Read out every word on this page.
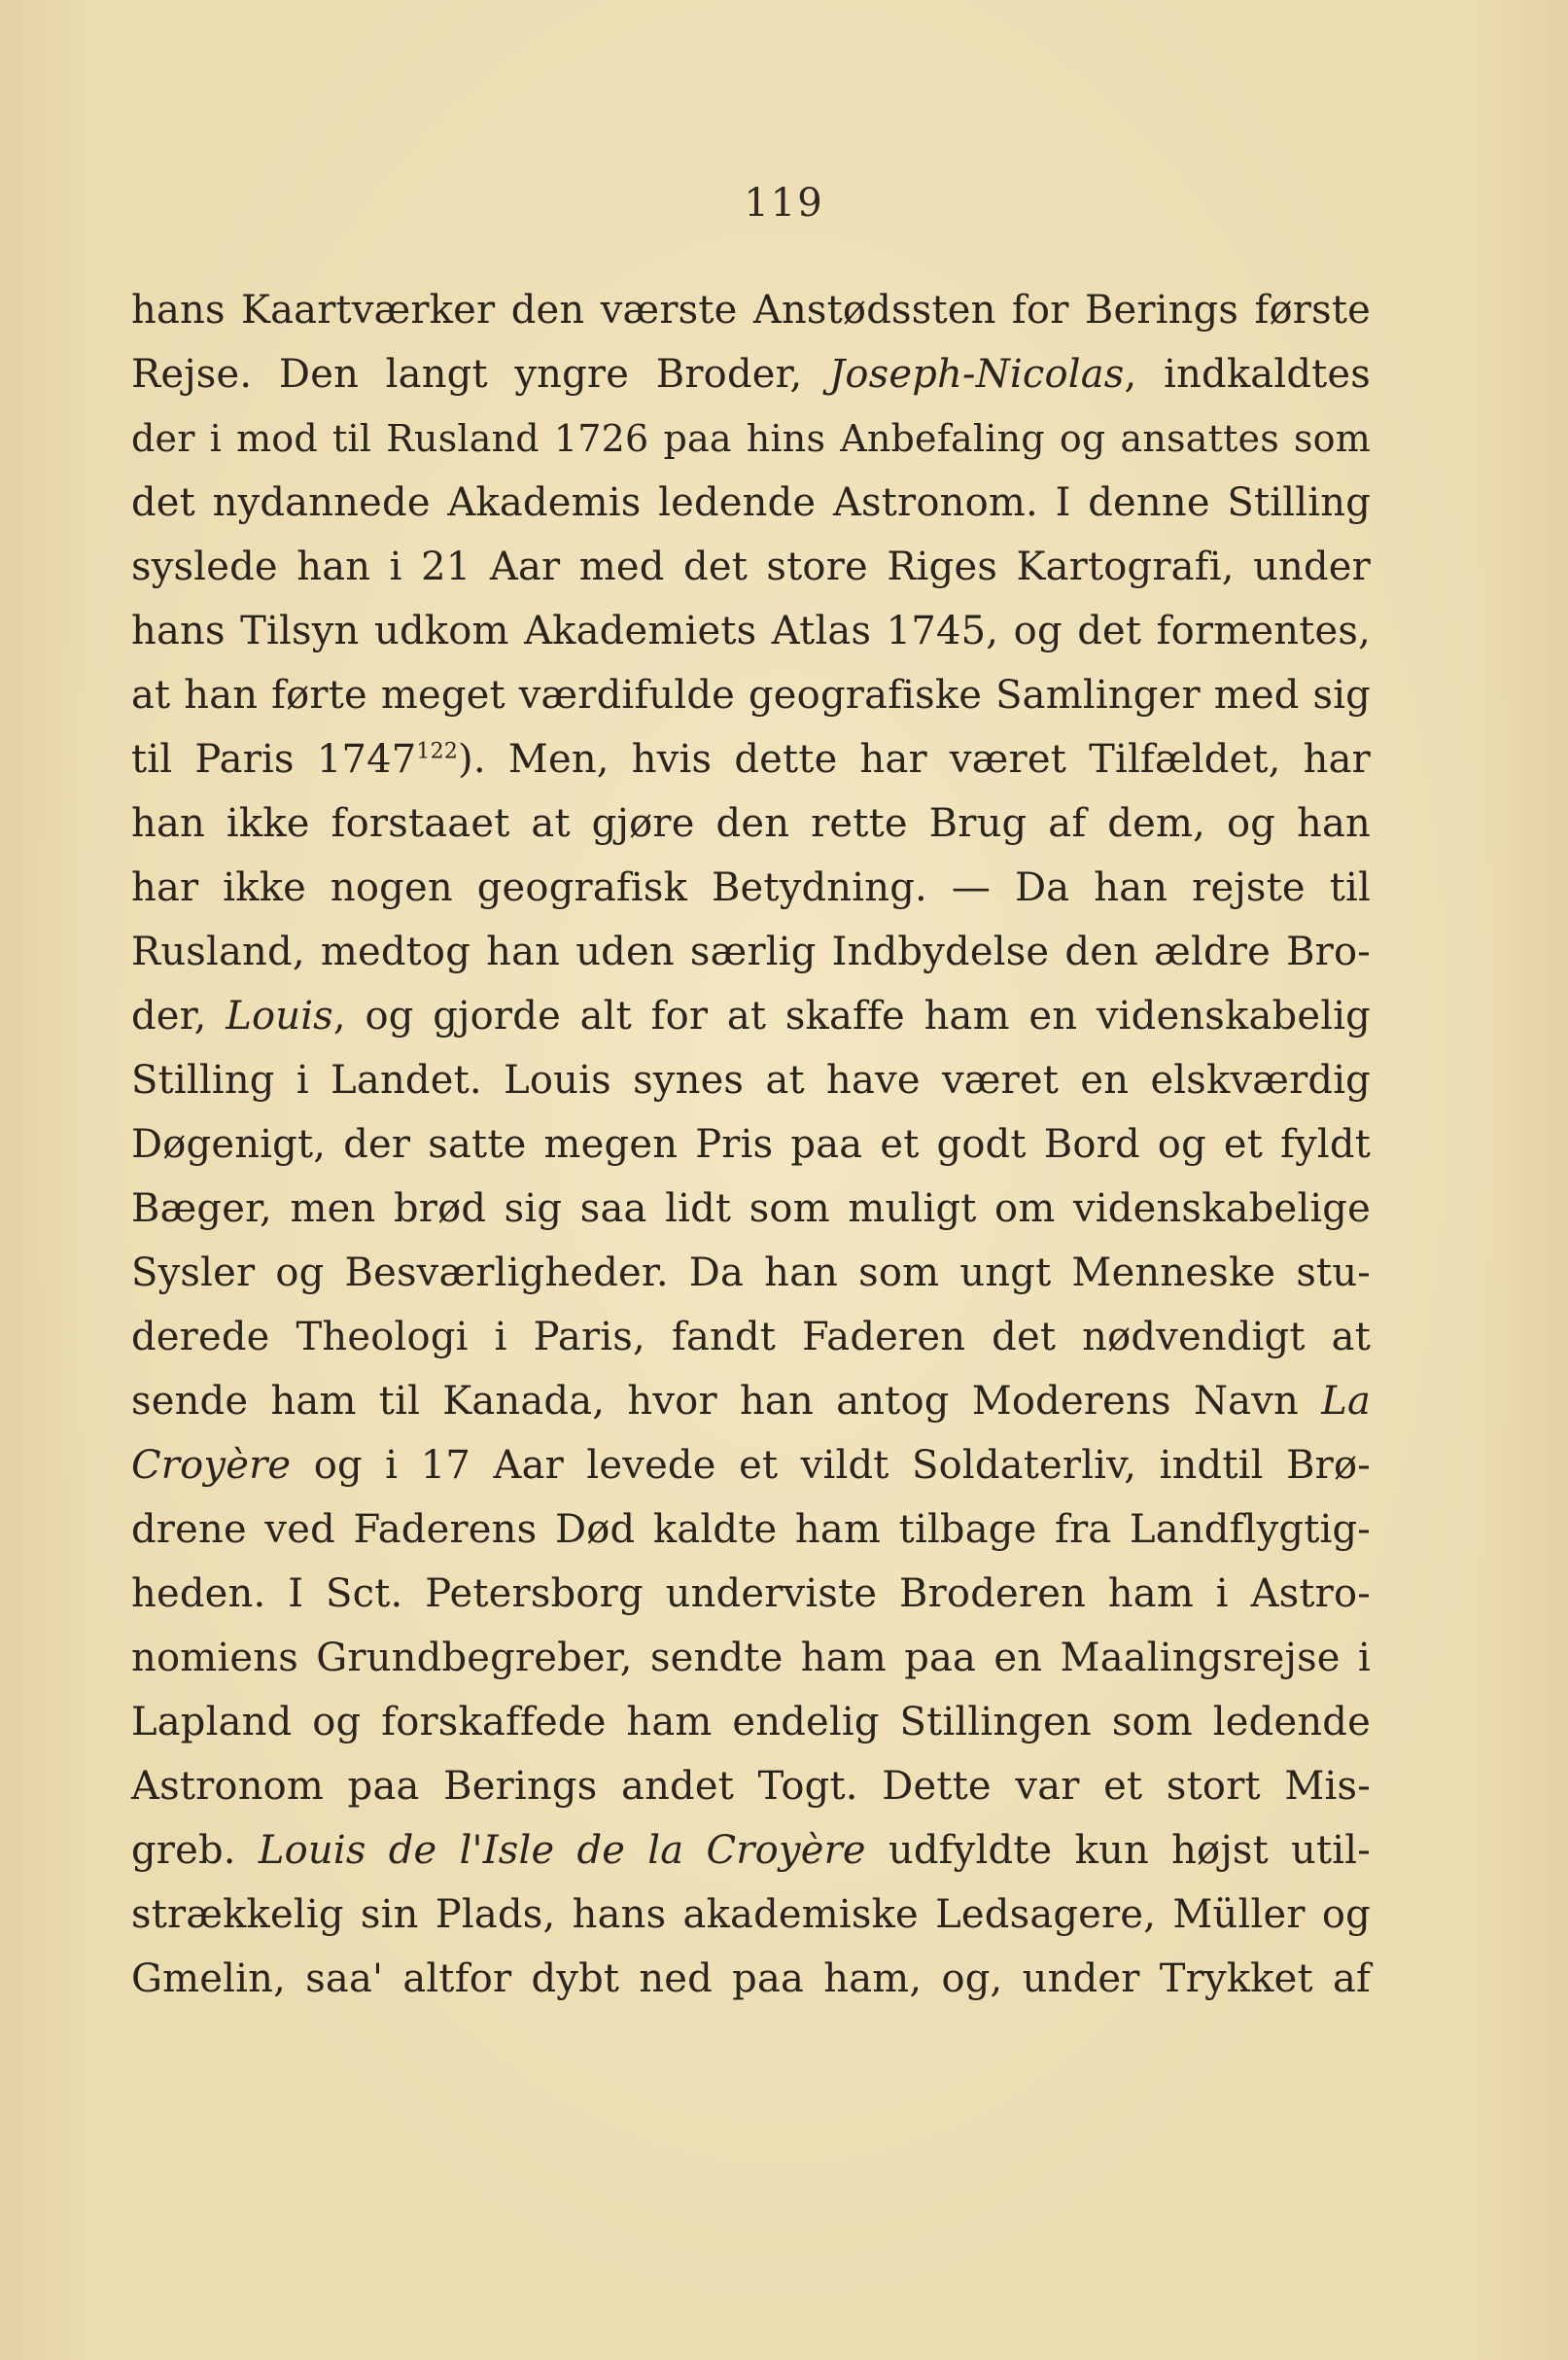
119
hans Kaartværker den værste Anstødssten for Berings første
Rejse. Den langt yngre Broder, Joseph-Nicolas, indkaldtes
der i mod til Rusland 1726 paa hins Anbefaling og ansattes som
det nydannede Akademis ledende Astronom. I denne Stilling
syslede han i 21 Aar med det store Riges Kartografi, under
hans Tilsyn udkom Akademiets Atlas 1745, og det formentes,
at han førte meget værdifulde geografiske Samlinger med sig
til Paris 1747$^{122}$). Men, hvis dette har været Tilfældet, har
han ikke forstaaet at gjøre den rette Brug af dem, og han
har ikke nogen geografisk Betydning. — Da han rejste til
Rusland, medtog han uden særlig Indbydelse den ældre Bro-
der, Louis, og gjorde alt for at skaffe ham en videnskabelig
Stilling i Landet. Louis synes at have været en elskværdig
Døgenigt, der satte megen Pris paa et godt Bord og et fyldt
Bæger, men brød sig saa lidt som muligt om videnskabelige
Sysler og Besværligheder. Da han som ungt Menneske stu-
derede Theologi i Paris, fandt Faderen det nødvendigt at
sende ham til Kanada, hvor han antog Moderens Navn La
Croyère og i 17 Aar levede et vildt Soldaterliv, indtil Brø-
drene ved Faderens Død kaldte ham tilbage fra Landflygtig-
heden. I Sct. Petersborg underviste Broderen ham i Astro-
nomiens Grundbegreber, sendte ham paa en Maalingsrejse i
Lapland og forskaffede ham endelig Stillingen som ledende
Astronom paa Berings andet Togt. Dette var et stort Mis-
greb. Louis de l'Isle de la Croyère udfyldte kun højst util-
strækkelig sin Plads, hans akademiske Ledsagere, Müller og
Gmelin, saa' altfor dybt ned paa ham, og, under Trykket af
